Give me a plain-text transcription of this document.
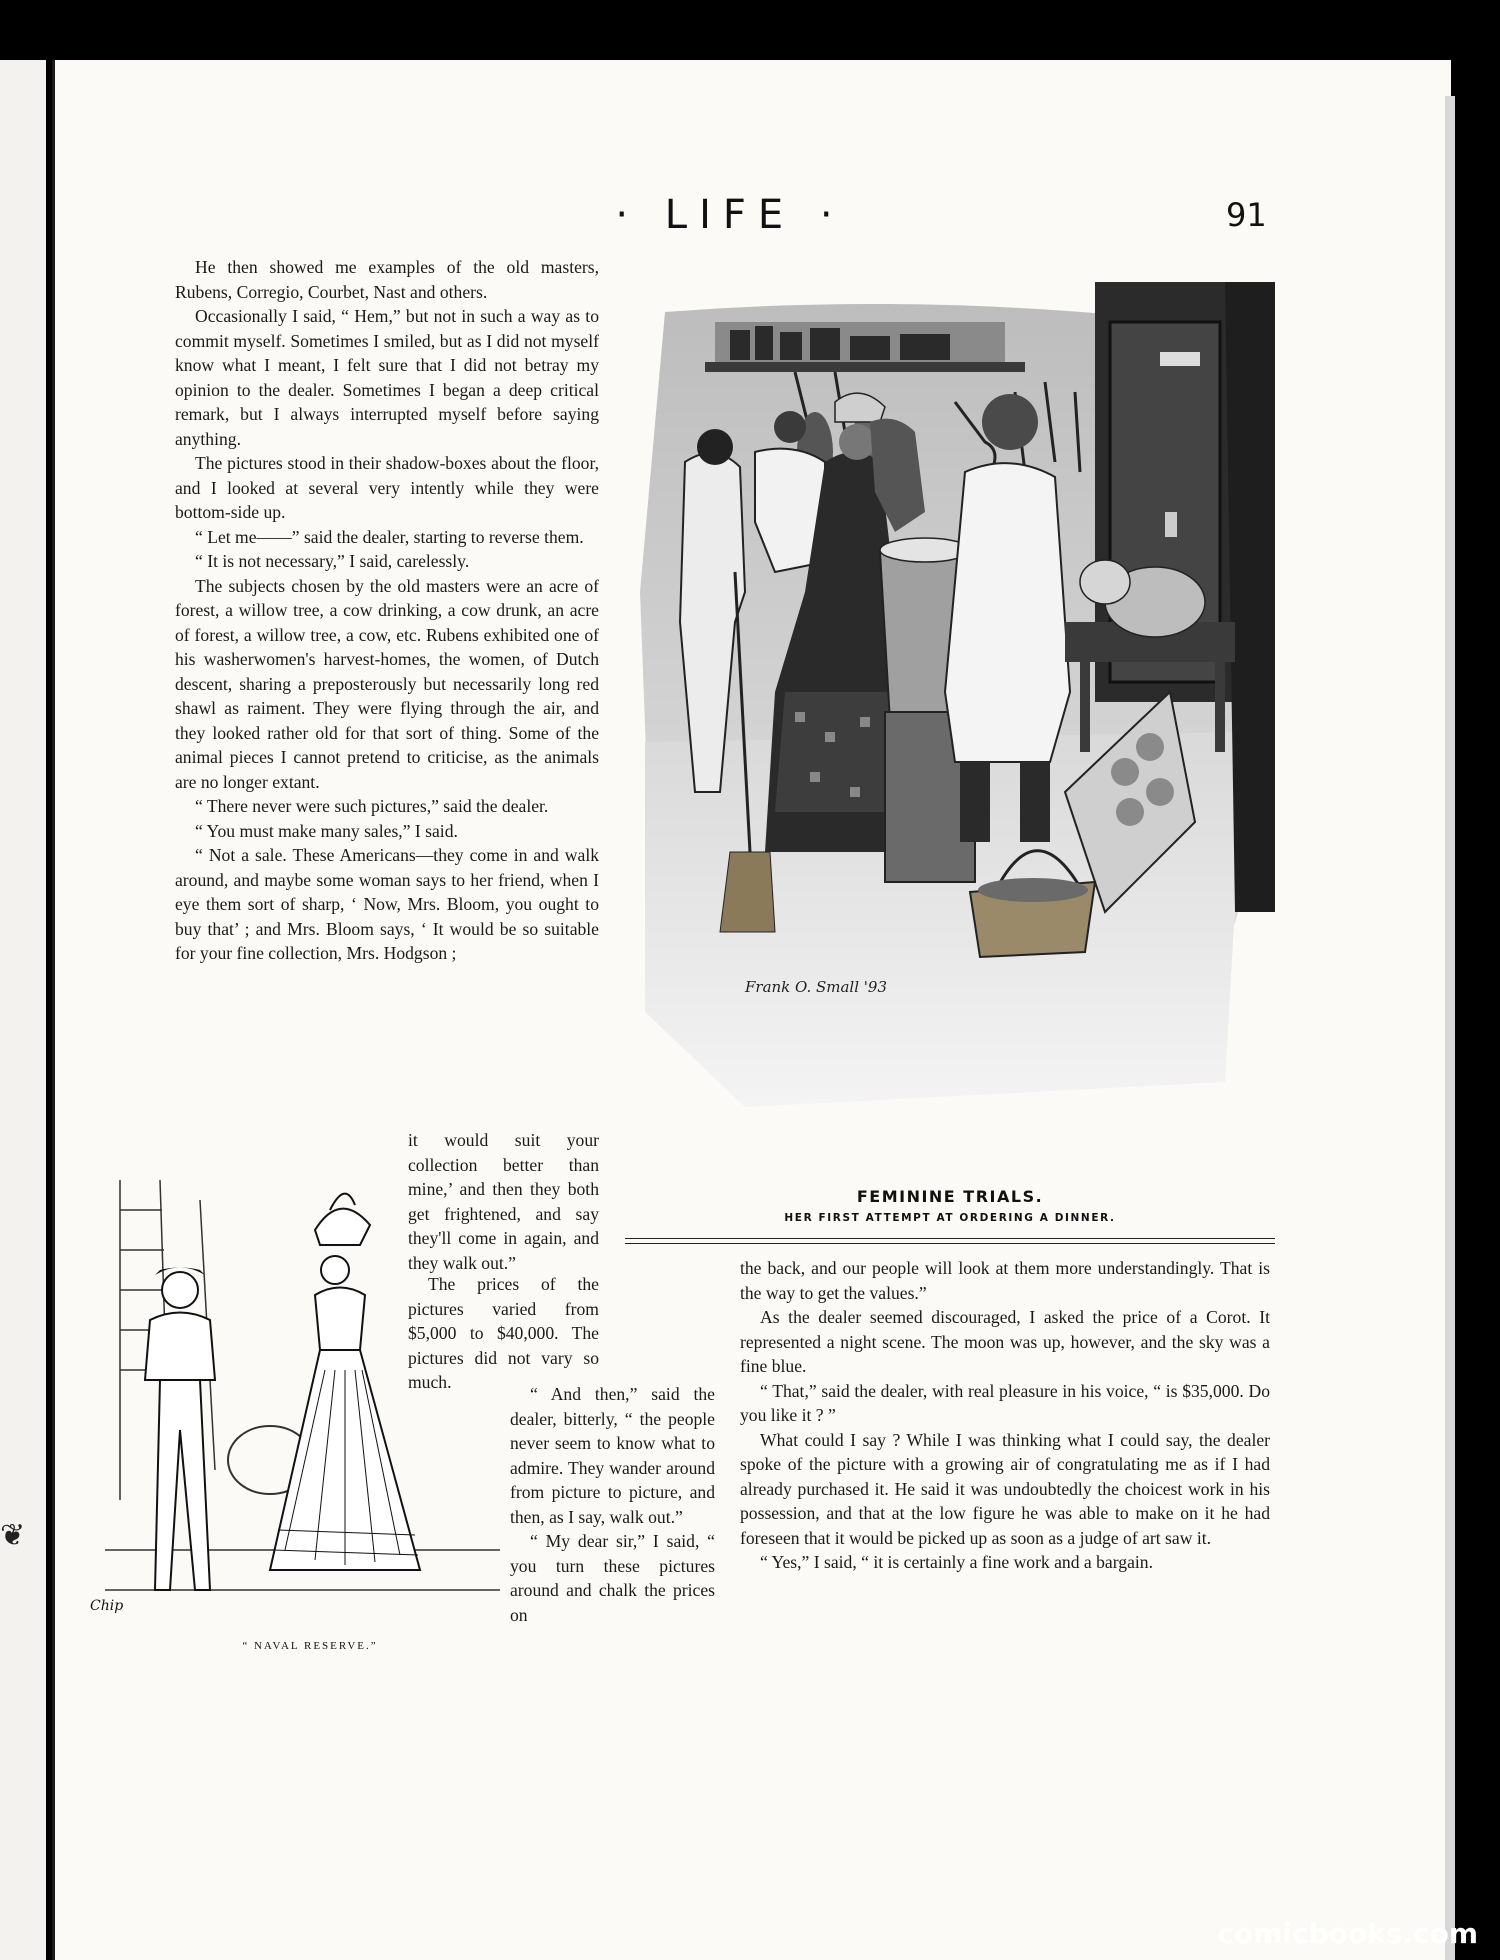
❦
· LIFE ·	91

He then showed me examples of the old masters, Rubens, Corregio, Courbet, Nast and others.

Occasionally I said, “ Hem,” but not in such a way as to commit myself. Sometimes I smiled, but as I did not myself know what I meant, I felt sure that I did not betray my opinion to the dealer. Sometimes I began a deep critical remark, but I always interrupted myself before saying anything.

The pictures stood in their shadow-boxes about the floor, and I looked at several very intently while they were bottom-side up.

“ Let me——” said the dealer, starting to reverse them.

“ It is not necessary,” I said, carelessly.

The subjects chosen by the old masters were an acre of forest, a willow tree, a cow drinking, a cow drunk, an acre of forest, a willow tree, a cow, etc. Rubens exhibited one of his washerwomen's harvest-homes, the women, of Dutch descent, sharing a preposterously but necessarily long red shawl as raiment. They were flying through the air, and they looked rather old for that sort of thing. Some of the animal pieces I cannot pretend to criticise, as the animals are no longer extant.

“ There never were such pictures,” said the dealer.

“ You must make many sales,” I said.

“ Not a sale. These Americans—they come in and walk around, and maybe some woman says to her friend, when I eye them sort of sharp, ‘ Now, Mrs. Bloom, you ought to buy that’ ; and Mrs. Bloom says, ‘ It would be so suitable for your fine collection, Mrs. Hodgson ;

it would suit your collection better than mine,’ and then they both get frightened, and say they'll come in again, and they walk out.”

The prices of the pictures varied from $5,000 to $40,000. The pictures did not vary so much.

“ And then,” said the dealer, bitterly, “ the people never seem to know what to admire. They wander around from picture to picture, and then, as I say, walk out.”

“ My dear sir,” I said, “ you turn these pictures around and chalk the prices on

the back, and our people will look at them more understandingly. That is the way to get the values.”

As the dealer seemed discouraged, I asked the price of a Corot. It represented a night scene. The moon was up, however, and the sky was a fine blue.

“ That,” said the dealer, with real pleasure in his voice, “ is $35,000. Do you like it ? ”

What could I say ? While I was thinking what I could say, the dealer spoke of the picture with a growing air of congratulating me as if I had already purchased it. He said it was undoubtedly the choicest work in his possession, and that at the low figure he was able to make on it he had foreseen that it would be picked up as soon as a judge of art saw it.

“ Yes,” I said, “ it is certainly a fine work and a bargain.

Frank O. Small '93
FEMININE TRIALS.
HER FIRST ATTEMPT AT ORDERING A DINNER.
Chip
“ NAVAL RESERVE.”
comicbooks.com
